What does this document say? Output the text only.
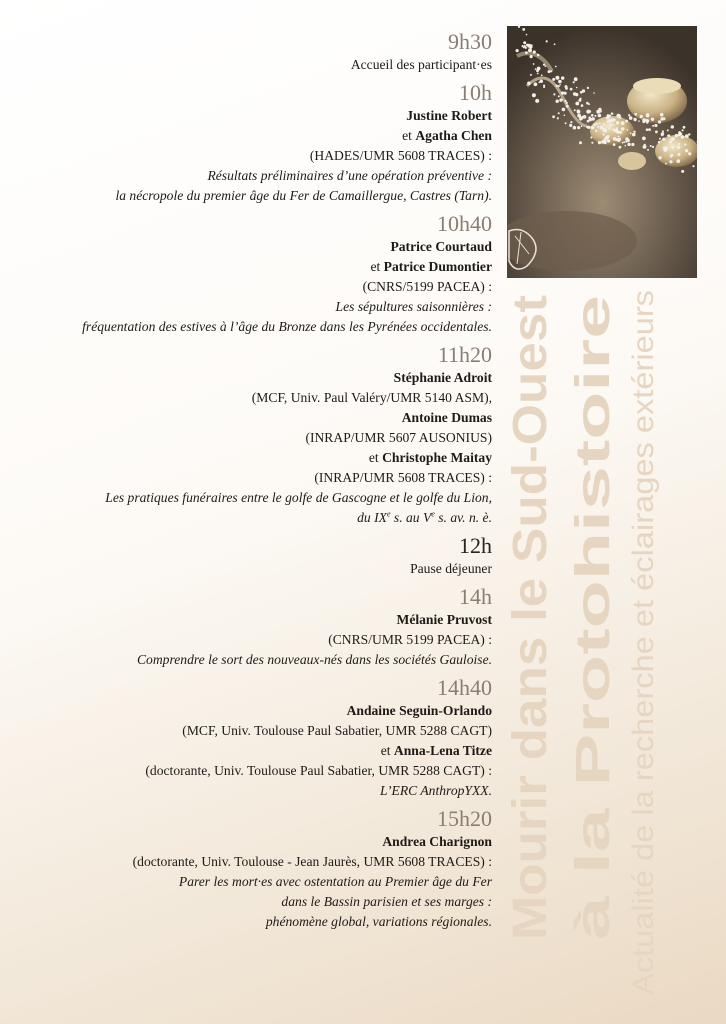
9h30

Accueil des participant·es

10h

Justine Robert

et Agatha Chen

(HADES/UMR 5608 TRACES) :

Résultats préliminaires d’une opération préventive :

la nécropole du premier âge du Fer de Camaillergue, Castres (Tarn).

10h40

Patrice Courtaud

et Patrice Dumontier

(CNRS/5199 PACEA) :

Les sépultures saisonnières :

fréquentation des estives à l’âge du Bronze dans les Pyrénées occidentales.

11h20

Stéphanie Adroit

(MCF, Univ. Paul Valéry/UMR 5140 ASM),

Antoine Dumas

(INRAP/UMR 5607 AUSONIUS)

et Christophe Maitay

(INRAP/UMR 5608 TRACES) :

Les pratiques funéraires entre le golfe de Gascogne et le golfe du Lion,

du IXe s. au Ve s. av. n. è.

12h

Pause déjeuner

14h

Mélanie Pruvost

(CNRS/UMR 5199 PACEA) :

Comprendre le sort des nouveaux-nés dans les sociétés Gauloise.

14h40

Andaine Seguin-Orlando

(MCF, Univ. Toulouse Paul Sabatier, UMR 5288 CAGT)

et Anna-Lena Titze

(doctorante, Univ. Toulouse Paul Sabatier, UMR 5288 CAGT) :

L’ERC AnthropYXX.

15h20

Andrea Charignon

(doctorante, Univ. Toulouse - Jean Jaurès, UMR 5608 TRACES) :

Parer les mort·es avec ostentation au Premier âge du Fer

dans le Bassin parisien et ses marges :

phénomène global, variations régionales. Mourir dans le Sud-Ouest à la Protohistoire Actualité de la recherche et éclairages extérieurs
